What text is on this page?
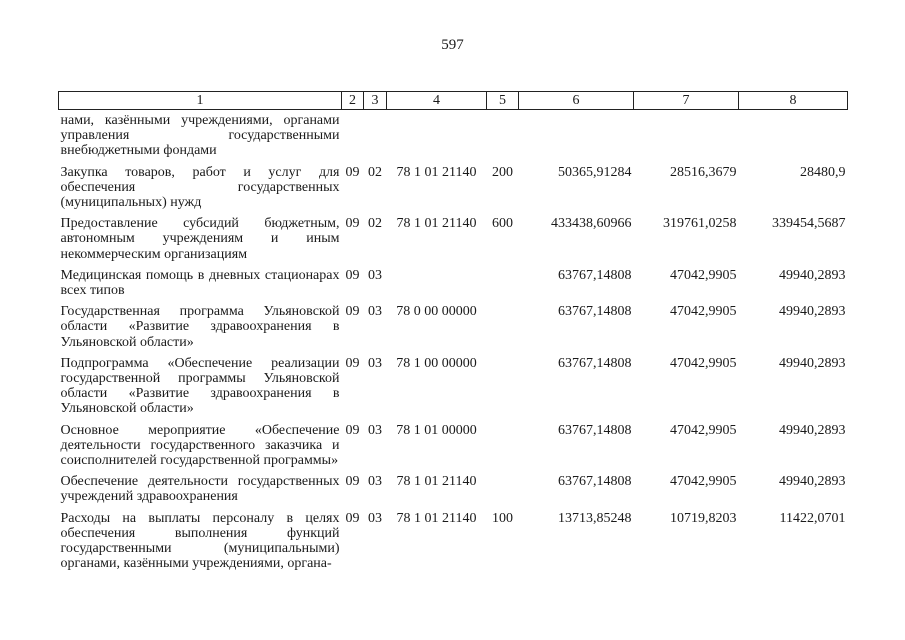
597
1	2	3	4	5	6	7	8
нами, казёнными учреждениями, органами управления государственными внебюджетными фондами							
Закупка товаров, работ и услуг для обеспечения государственных (муниципальных) нужд	09	02	78 1 01 21140	200	50365,91284	28516,3679	28480,9
Предоставление субсидий бюджетным, автономным учреждениям и иным некоммерческим организациям	09	02	78 1 01 21140	600	433438,60966	319761,0258	339454,5687
Медицинская помощь в дневных стационарах всех типов	09	03			63767,14808	47042,9905	49940,2893
Государственная программа Ульяновской области «Развитие здравоохранения в Ульяновской области»	09	03	78 0 00 00000		63767,14808	47042,9905	49940,2893
Подпрограмма «Обеспечение реализации государственной программы Ульяновской области «Развитие здравоохранения в Ульяновской области»	09	03	78 1 00 00000		63767,14808	47042,9905	49940,2893
Основное мероприятие «Обеспечение деятельности государственного заказчика и соисполнителей государственной программы»	09	03	78 1 01 00000		63767,14808	47042,9905	49940,2893
Обеспечение деятельности государственных учреждений здравоохранения	09	03	78 1 01 21140		63767,14808	47042,9905	49940,2893
Расходы на выплаты персоналу в целях обеспечения выполнения функций государственными (муниципальными) органами, казёнными учреждениями, органа-	09	03	78 1 01 21140	100	13713,85248	10719,8203	11422,0701
